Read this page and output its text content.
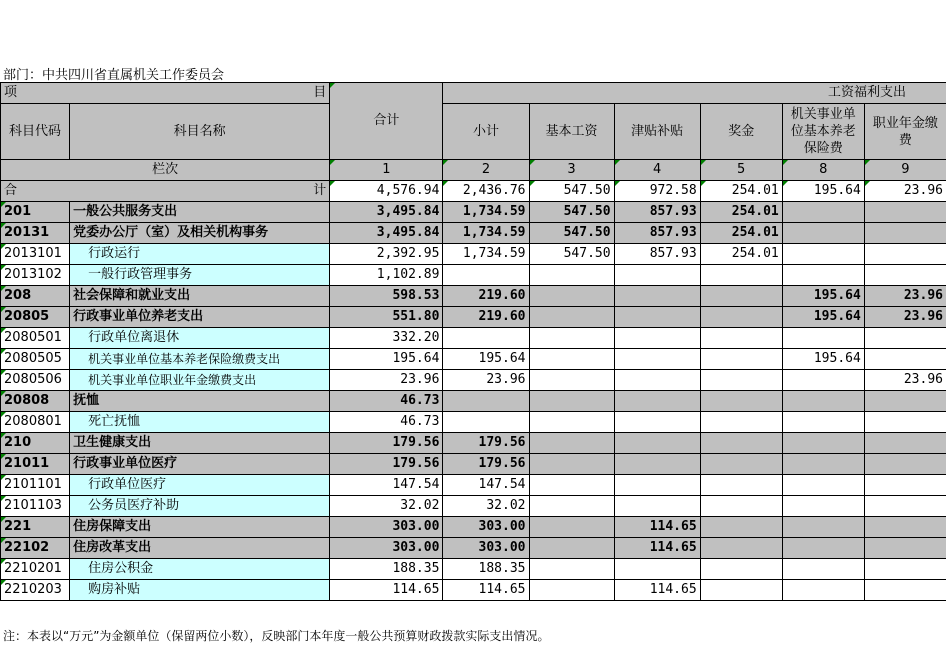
部门：中共四川省直属机关工作委员会
项 目		合计	工资福利支出					
科目代码	科目名称		小计	基本工资	津贴补贴	奖金	机关事业单位基本养老保险费	职业年金缴费

栏次		1	2	3	4	5	8	9
合 计		4,576.94	2,436.76	547.50	972.58	254.01	195.64	23.96
201	一般公共服务支出	3,495.84	1,734.59	547.50	857.93	254.01		
20131	党委办公厅（室）及相关机构事务	3,495.84	1,734.59	547.50	857.93	254.01		
2013101	行政运行	2,392.95	1,734.59	547.50	857.93	254.01		
2013102	一般行政管理事务	1,102.89						
208	社会保障和就业支出	598.53	219.60				195.64	23.96
20805	行政事业单位养老支出	551.80	219.60				195.64	23.96
2080501	行政单位离退休	332.20						
2080505	机关事业单位基本养老保险缴费支出	195.64	195.64				195.64	
2080506	机关事业单位职业年金缴费支出	23.96	23.96					23.96
20808	抚恤	46.73						
2080801	死亡抚恤	46.73						
210	卫生健康支出	179.56	179.56					
21011	行政事业单位医疗	179.56	179.56					
2101101	行政单位医疗	147.54	147.54					
2101103	公务员医疗补助	32.02	32.02					
221	住房保障支出	303.00	303.00		114.65			
22102	住房改革支出	303.00	303.00		114.65			
2210201	住房公积金	188.35	188.35					
2210203	购房补贴	114.65	114.65		114.65			
注：本表以“万元”为金额单位（保留两位小数），反映部门本年度一般公共预算财政拨款实际支出情况。
